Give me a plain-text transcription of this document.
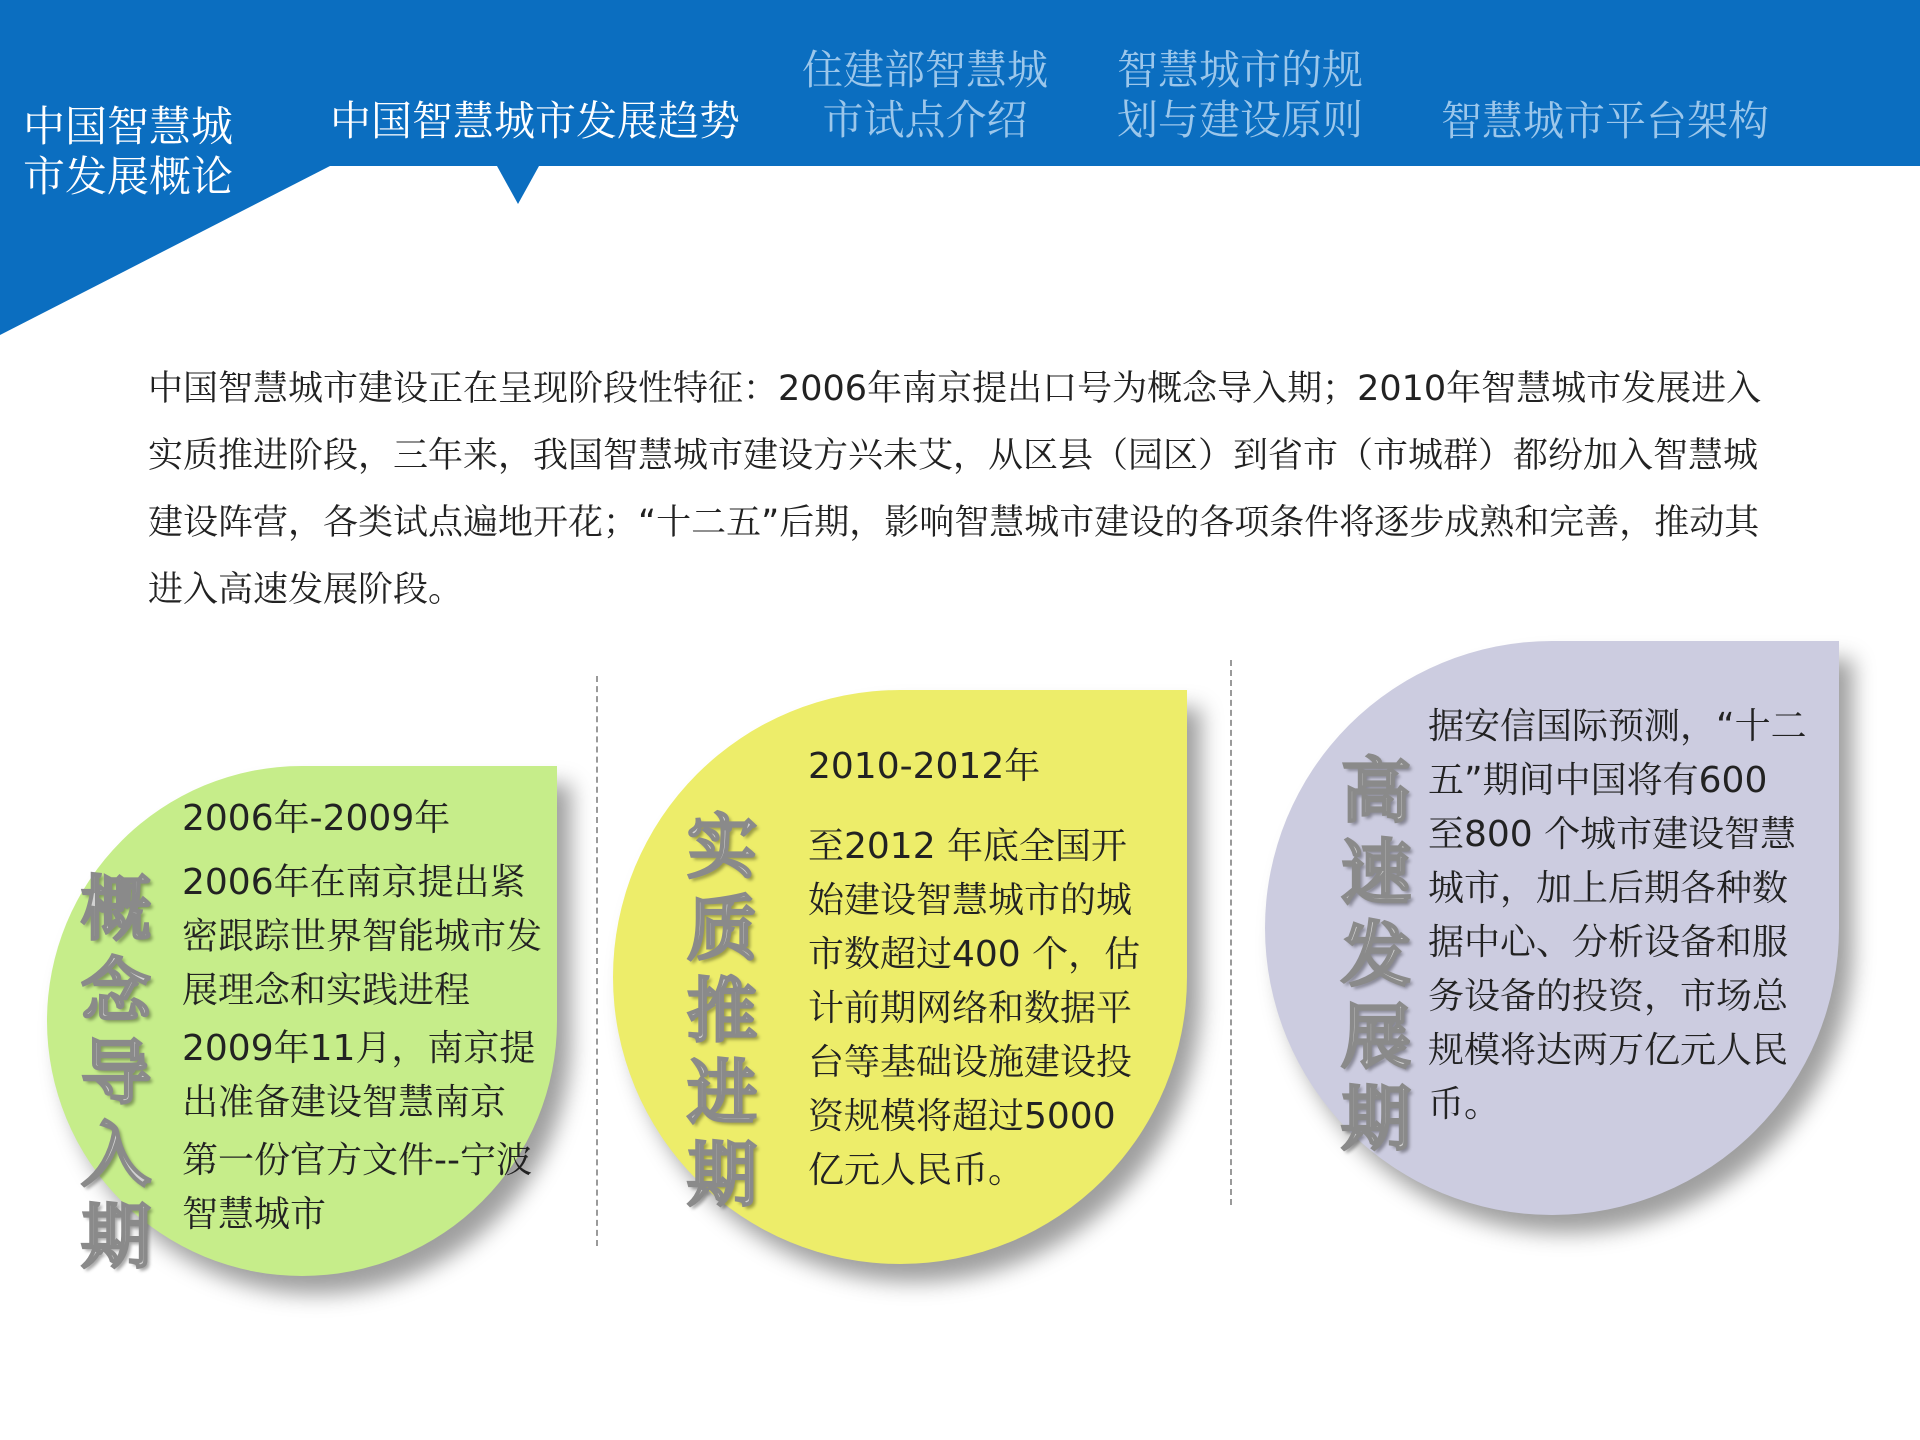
中国智慧城市发展概论
中国智慧城市发展趋势
住建部智慧城市试点介绍
智慧城市的规划与建设原则	智慧城市平台架构
中国智慧城市建设正在呈现阶段性特征：2006年南京提出口号为概念导入期；2010年智慧城市发展进入实质推进阶段，三年来，我国智慧城市建设方兴未艾，从区县（园区）到省市（市城群）都纷加入智慧城建设阵营，各类试点遍地开花；“十二五”后期，影响智慧城市建设的各项条件将逐步成熟和完善，推动其进入高速发展阶段。
概念导入期

2006年-2009年

2006年在南京提出紧密跟踪世界智能城市发展理念和实践进程

2009年11月，南京提出准备建设智慧南京

第一份官方文件--宁波智慧城市

实质推进期

2010-2012年

至2012 年底全国开始建设智慧城市的城市数超过400 个，估计前期网络和数据平台等基础设施建设投资规模将超过5000 亿元人民币。

高速发展期

据安信国际预测，“十二五”期间中国将有600 至800 个城市建设智慧城市，加上后期各种数据中心、分析设备和服务设备的投资，市场总规模将达两万亿元人民币。
